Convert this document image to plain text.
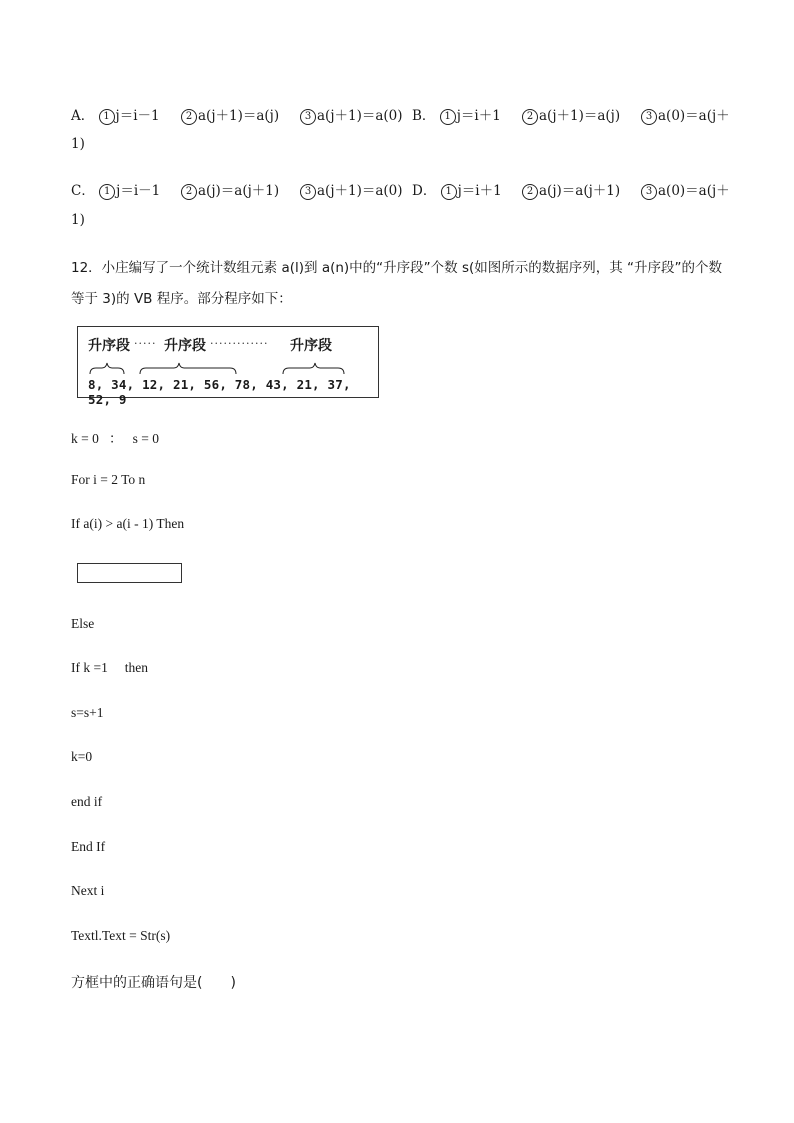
A． 1 j＝i－1	2 a(j＋1)＝a(j)	3 a(j＋1)＝a(0) B． 1 j＝i＋1	2 a(j＋1)＝a(j)	3 a(0)＝a(j＋
1)
C． 1 j＝i－1	2 a(j)＝a(j＋1)	3 a(j＋1)＝a(0) D． 1 j＝i＋1	2 a(j)＝a(j＋1)	3 a(0)＝a(j＋
1)
12．小庄编写了一个统计数组元素 a(l)到 a(n)中的“升序段”个数 s(如图所示的数据序列，其 “升序段”的个数
等于 3)的 VB 程序。部分程序如下：
升序段 ····· 升序段 ············· 升序段
8, 34, 12, 21, 56, 78, 43, 21, 37, 52, 9
k = 0   ：   s = 0
For i = 2 To n
If a(i) > a(i - 1) Then
Else
If k =1     then
s=s+1
k=0
end if
End If
Next i
Textl.Text = Str(s)
方框中的正确语句是(　　)
